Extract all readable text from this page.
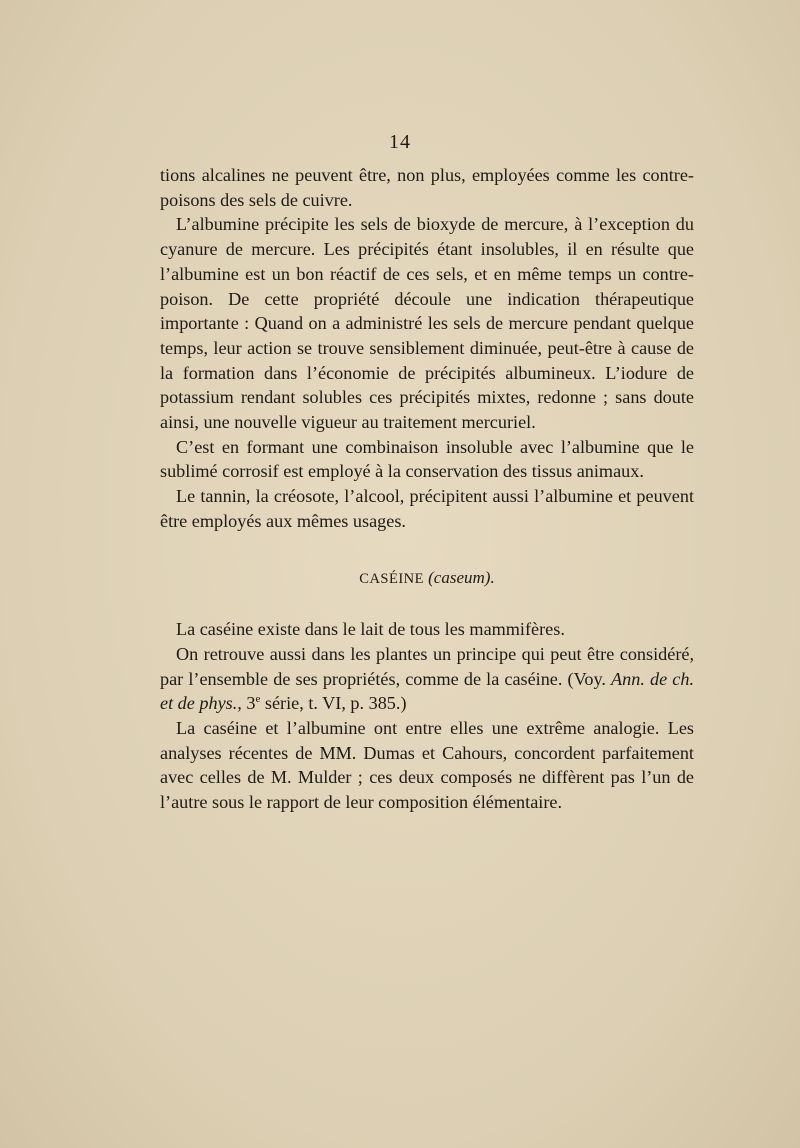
14

tions alcalines ne peuvent être, non plus, employées comme les contre-poisons des sels de cuivre.

L’albumine précipite les sels de bioxyde de mercure, à l’exception du cyanure de mercure. Les précipités étant insolubles, il en résulte que l’albumine est un bon réactif de ces sels, et en même temps un contre-poison. De cette propriété découle une indication thérapeutique importante : Quand on a administré les sels de mercure pendant quelque temps, leur action se trouve sensiblement diminuée, peut-être à cause de la formation dans l’économie de précipités albumineux. L’iodure de potassium rendant solubles ces précipités mixtes, redonne ; sans doute ainsi, une nouvelle vigueur au traitement mercuriel.

C’est en formant une combinaison insoluble avec l’albumine que le sublimé corrosif est employé à la conservation des tissus animaux.

Le tannin, la créosote, l’alcool, précipitent aussi l’albumine et peuvent être employés aux mêmes usages.

CASÉINE (caseum).

La caséine existe dans le lait de tous les mammifères.

On retrouve aussi dans les plantes un principe qui peut être considéré, par l’ensemble de ses propriétés, comme de la caséine. (Voy. Ann. de ch. et de phys., 3e série, t. VI, p. 385.)

La caséine et l’albumine ont entre elles une extrême analogie. Les analyses récentes de MM. Dumas et Cahours, concordent parfaitement avec celles de M. Mulder ; ces deux composés ne diffèrent pas l’un de l’autre sous le rapport de leur composition élémentaire.
